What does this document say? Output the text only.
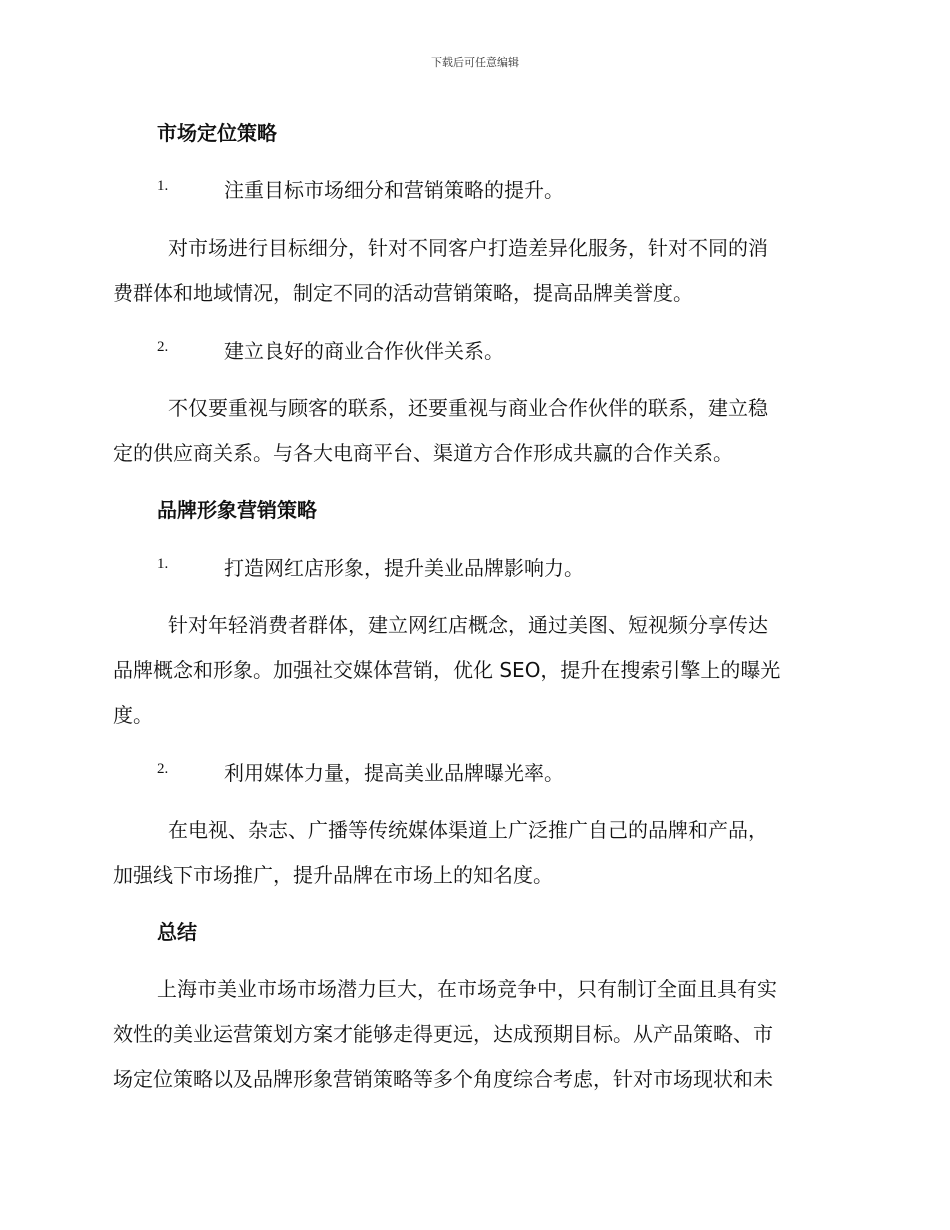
下载后可任意编辑
市场定位策略
1.	注重目标市场细分和营销策略的提升。
对市场进行目标细分，针对不同客户打造差异化服务，针对不同的消
费群体和地域情况，制定不同的活动营销策略，提高品牌美誉度。
2.	建立良好的商业合作伙伴关系。
不仅要重视与顾客的联系，还要重视与商业合作伙伴的联系，建立稳
定的供应商关系。与各大电商平台、渠道方合作形成共赢的合作关系。
品牌形象营销策略
1.	打造网红店形象，提升美业品牌影响力。
针对年轻消费者群体，建立网红店概念，通过美图、短视频分享传达
品牌概念和形象。加强社交媒体营销，优化 SEO，提升在搜索引擎上的曝光
度。
2.	利用媒体力量，提高美业品牌曝光率。
在电视、杂志、广播等传统媒体渠道上广泛推广自己的品牌和产品，
加强线下市场推广，提升品牌在市场上的知名度。
总结
上海市美业市场市场潜力巨大，在市场竞争中，只有制订全面且具有实
效性的美业运营策划方案才能够走得更远，达成预期目标。从产品策略、市
场定位策略以及品牌形象营销策略等多个角度综合考虑，针对市场现状和未
